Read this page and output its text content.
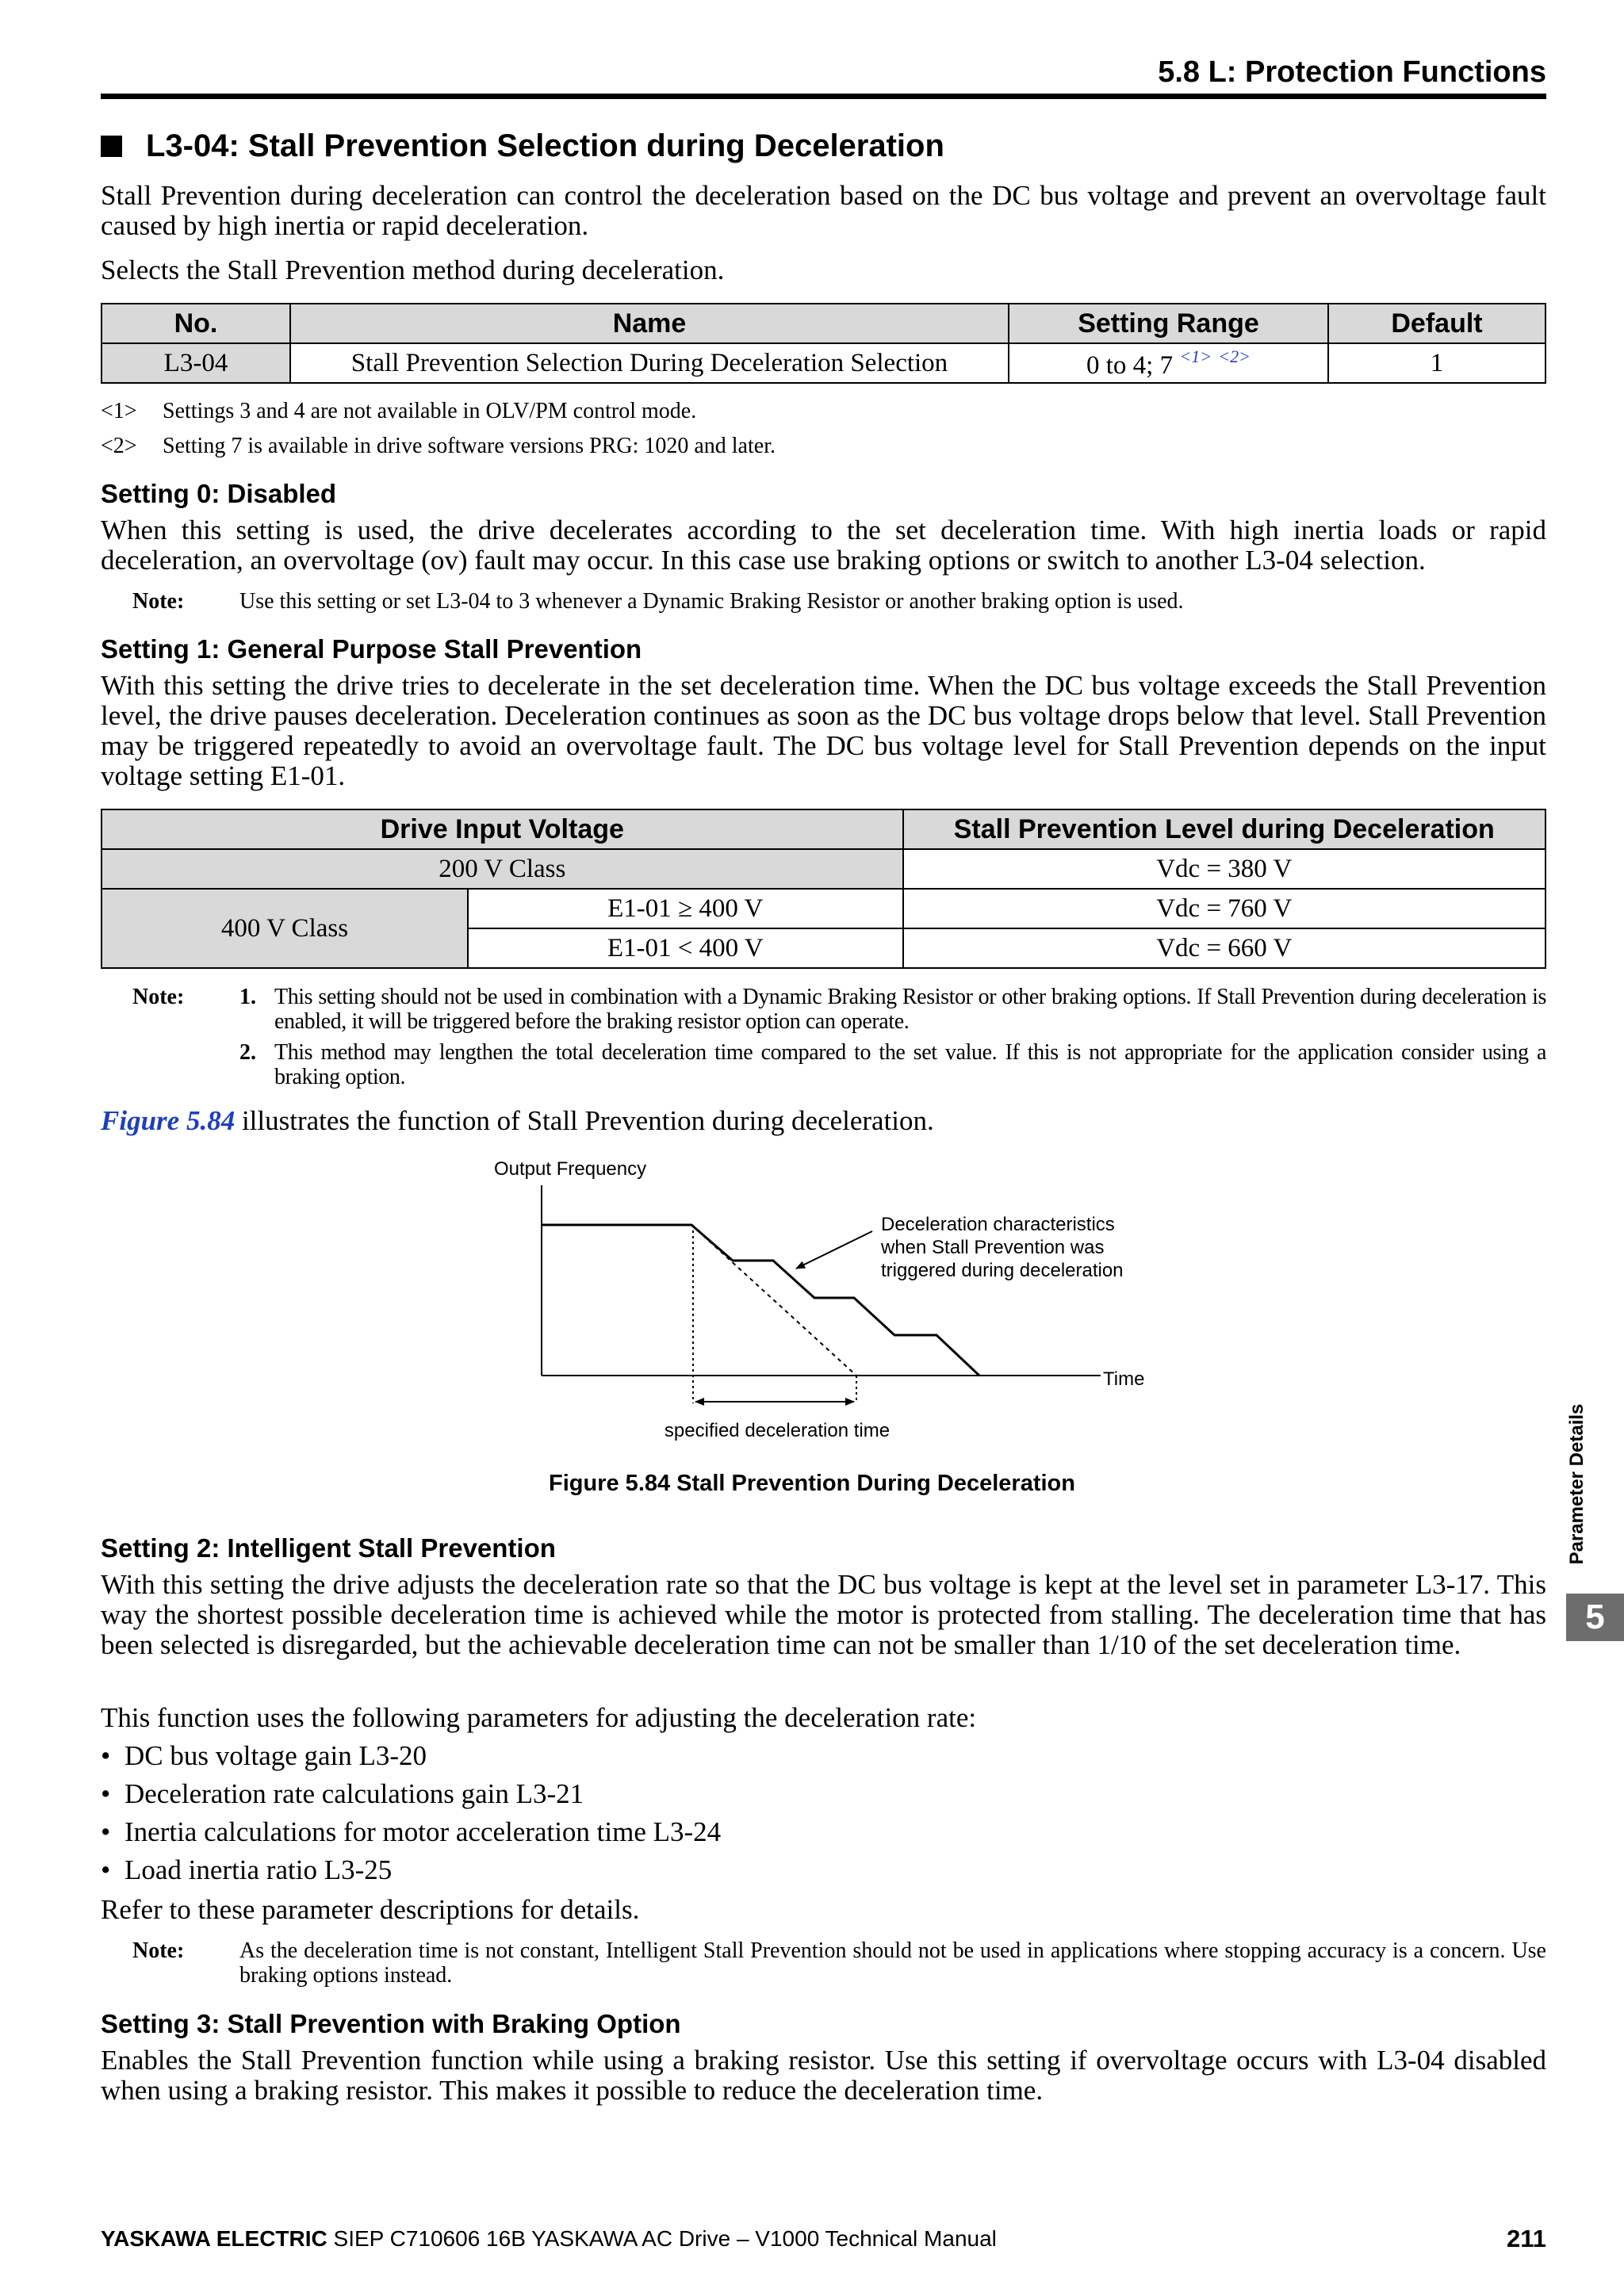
5.8 L: Protection Functions
L3-04: Stall Prevention Selection during Deceleration
Stall Prevention during deceleration can control the deceleration based on the DC bus voltage and prevent an overvoltage fault caused by high inertia or rapid deceleration.
Selects the Stall Prevention method during deceleration.
No.	Name	Setting Range	Default
L3-04	Stall Prevention Selection During Deceleration Selection	0 to 4; 7 $^{<1>}$ $^{<2>}$	1
<1> Settings 3 and 4 are not available in OLV/PM control mode.
<2> Setting 7 is available in drive software versions PRG: 1020 and later.
Setting 0: Disabled
When this setting is used, the drive decelerates according to the set deceleration time. With high inertia loads or rapid deceleration, an overvoltage (ov) fault may occur. In this case use braking options or switch to another L3-04 selection.
Note: Use this setting or set L3-04 to 3 whenever a Dynamic Braking Resistor or another braking option is used.
Setting 1: General Purpose Stall Prevention
With this setting the drive tries to decelerate in the set deceleration time. When the DC bus voltage exceeds the Stall Prevention level, the drive pauses deceleration. Deceleration continues as soon as the DC bus voltage drops below that level. Stall Prevention may be triggered repeatedly to avoid an overvoltage fault. The DC bus voltage level for Stall Prevention depends on the input voltage setting E1-01.
Drive Input Voltage		Stall Prevention Level during Deceleration
200 V Class		Vdc = 380 V
400 V Class	E1-01 ≥ 400 V	Vdc = 760 V
	E1-01 < 400 V	Vdc = 660 V
Note: 1. This setting should not be used in combination with a Dynamic Braking Resistor or other braking options. If Stall Prevention during deceleration is enabled, it will be triggered before the braking resistor option can operate.
2. This method may lengthen the total deceleration time compared to the set value. If this is not appropriate for the application consider using a braking option.
Figure 5.84 illustrates the function of Stall Prevention during deceleration.
Output Frequency
Time
specified deceleration time
Deceleration characteristics
when Stall Prevention was
triggered during deceleration
Figure 5.84 Stall Prevention During Deceleration
Setting 2: Intelligent Stall Prevention
With this setting the drive adjusts the deceleration rate so that the DC bus voltage is kept at the level set in parameter L3-17. This way the shortest possible deceleration time is achieved while the motor is protected from stalling. The deceleration time that has been selected is disregarded, but the achievable deceleration time can not be smaller than 1/10 of the set deceleration time.
This function uses the following parameters for adjusting the deceleration rate:
• DC bus voltage gain L3-20
• Deceleration rate calculations gain L3-21
• Inertia calculations for motor acceleration time L3-24
• Load inertia ratio L3-25
Refer to these parameter descriptions for details.
Note: As the deceleration time is not constant, Intelligent Stall Prevention should not be used in applications where stopping accuracy is a concern. Use braking options instead.
Setting 3: Stall Prevention with Braking Option
Enables the Stall Prevention function while using a braking resistor. Use this setting if overvoltage occurs with L3-04 disabled when using a braking resistor. This makes it possible to reduce the deceleration time.
Parameter Details
5
YASKAWA ELECTRIC SIEP C710606 16B YASKAWA AC Drive – V1000 Technical Manual	211
